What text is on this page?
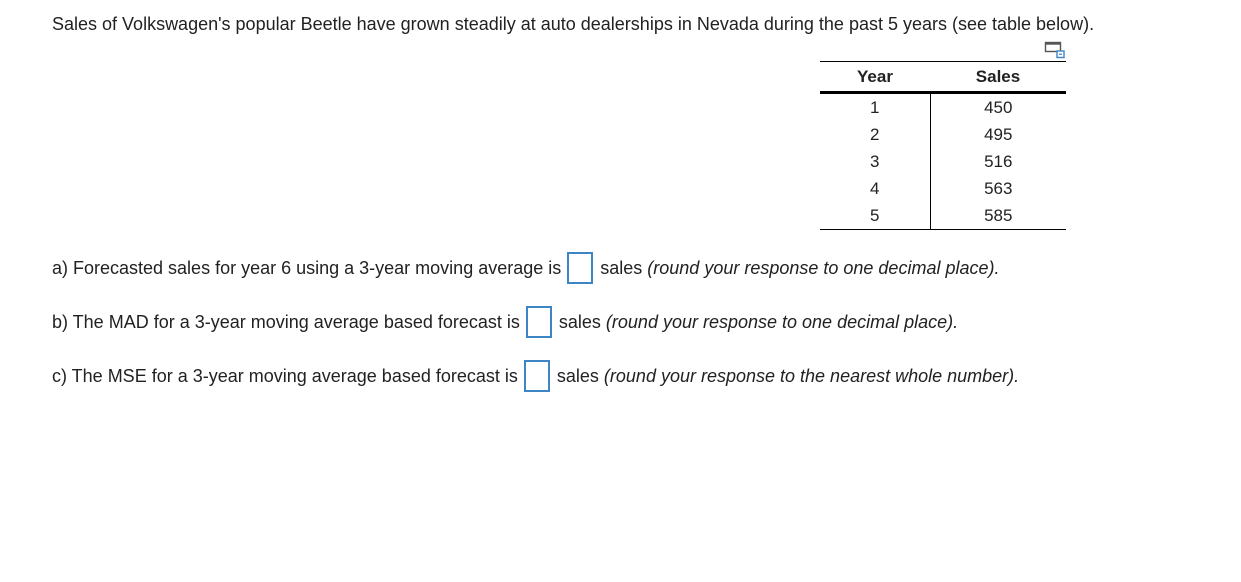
Sales of Volkswagen's popular Beetle have grown steadily at auto dealerships in Nevada during the past 5 years (see table below).
Year	Sales
1	450
2	495
3	516
4	563
5	585
a) Forecasted sales for year 6 using a 3-year moving average is sales (round your response to one decimal place).
b) The MAD for a 3-year moving average based forecast is sales (round your response to one decimal place).
c) The MSE for a 3-year moving average based forecast is sales (round your response to the nearest whole number).
